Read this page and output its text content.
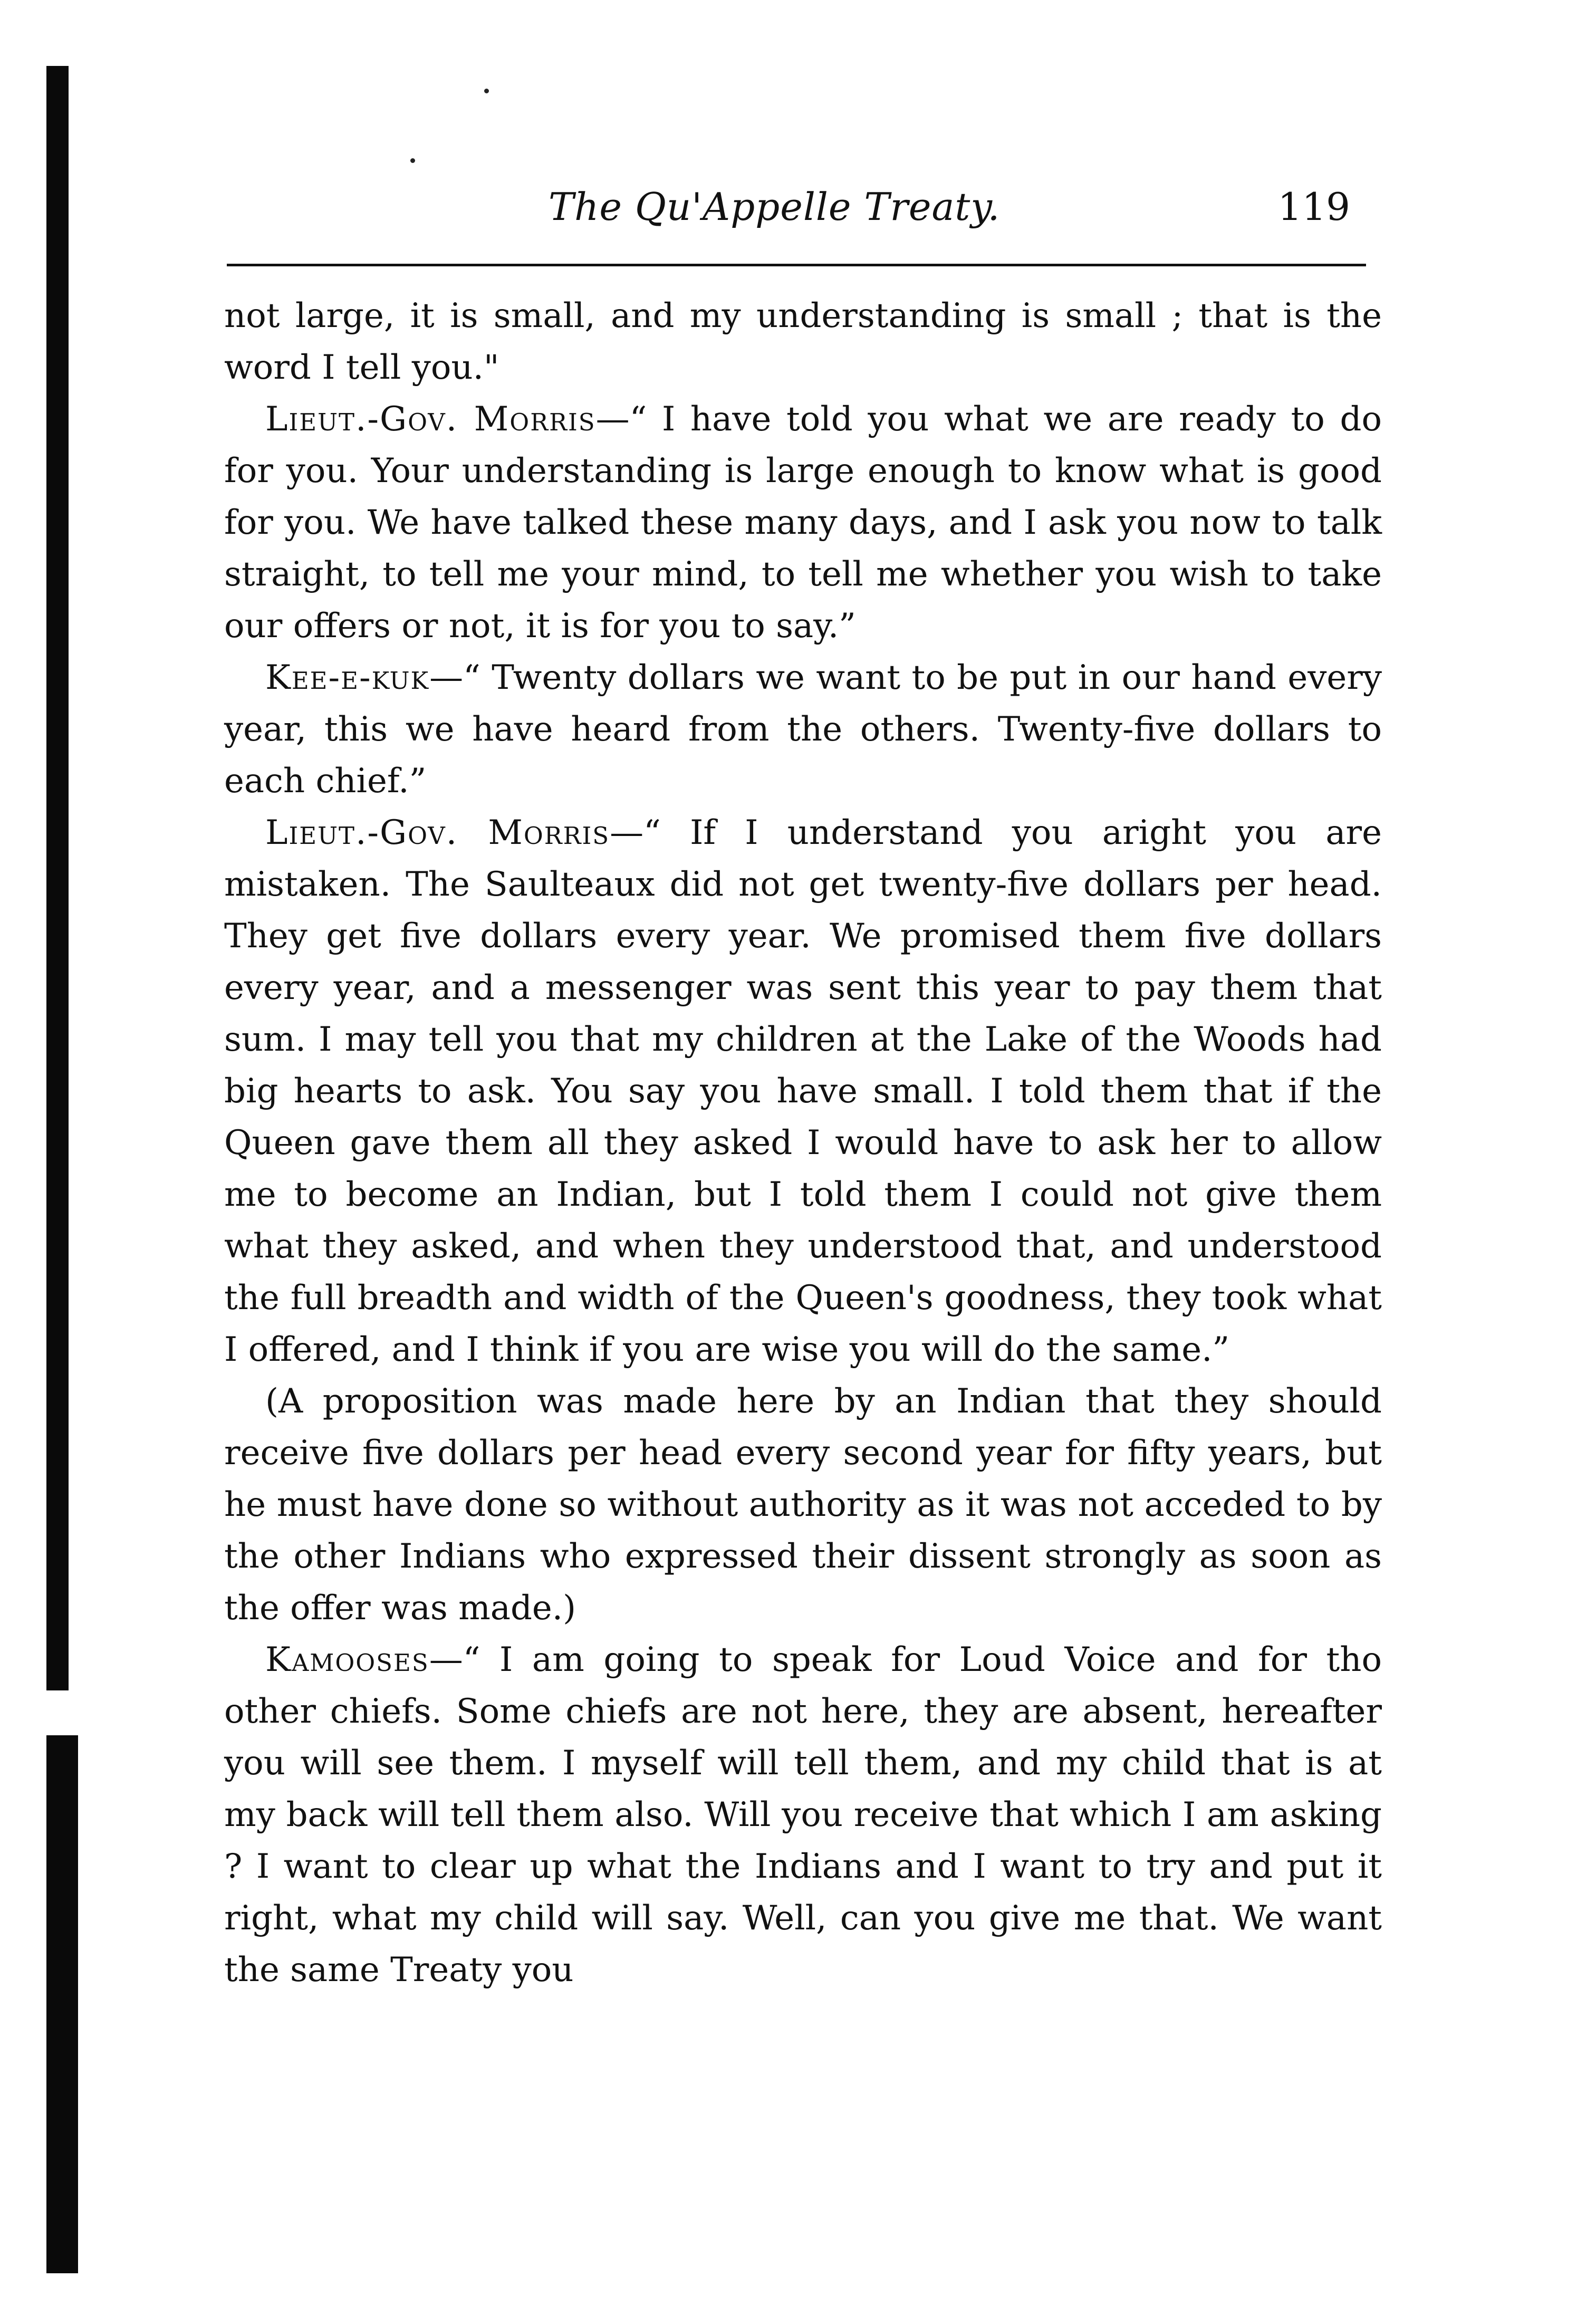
The Qu'Appelle Treaty.	119

not large, it is small, and my understanding is small ; that is the word I tell you."

Lieut.-Gov. Morris—“ I have told you what we are ready to do for you. Your understanding is large enough to know what is good for you. We have talked these many days, and I ask you now to talk straight, to tell me your mind, to tell me whether you wish to take our offers or not, it is for you to say.”

Kee-e-kuk—“ Twenty dollars we want to be put in our hand every year, this we have heard from the others. Twenty-five dollars to each chief.”

Lieut.-Gov. Morris—“ If I understand you aright you are mistaken. The Saulteaux did not get twenty-five dollars per head. They get five dollars every year. We promised them five dollars every year, and a messenger was sent this year to pay them that sum. I may tell you that my children at the Lake of the Woods had big hearts to ask. You say you have small. I told them that if the Queen gave them all they asked I would have to ask her to allow me to become an Indian, but I told them I could not give them what they asked, and when they understood that, and understood the full breadth and width of the Queen's goodness, they took what I offered, and I think if you are wise you will do the same.”

(A proposition was made here by an Indian that they should receive five dollars per head every second year for fifty years, but he must have done so without authority as it was not acceded to by the other Indians who expressed their dissent strongly as soon as the offer was made.)

Kamooses—“ I am going to speak for Loud Voice and for tho other chiefs. Some chiefs are not here, they are absent, hereafter you will see them. I myself will tell them, and my child that is at my back will tell them also. Will you receive that which I am asking ? I want to clear up what the Indians and I want to try and put it right, what my child will say. Well, can you give me that. We want the same Treaty you
